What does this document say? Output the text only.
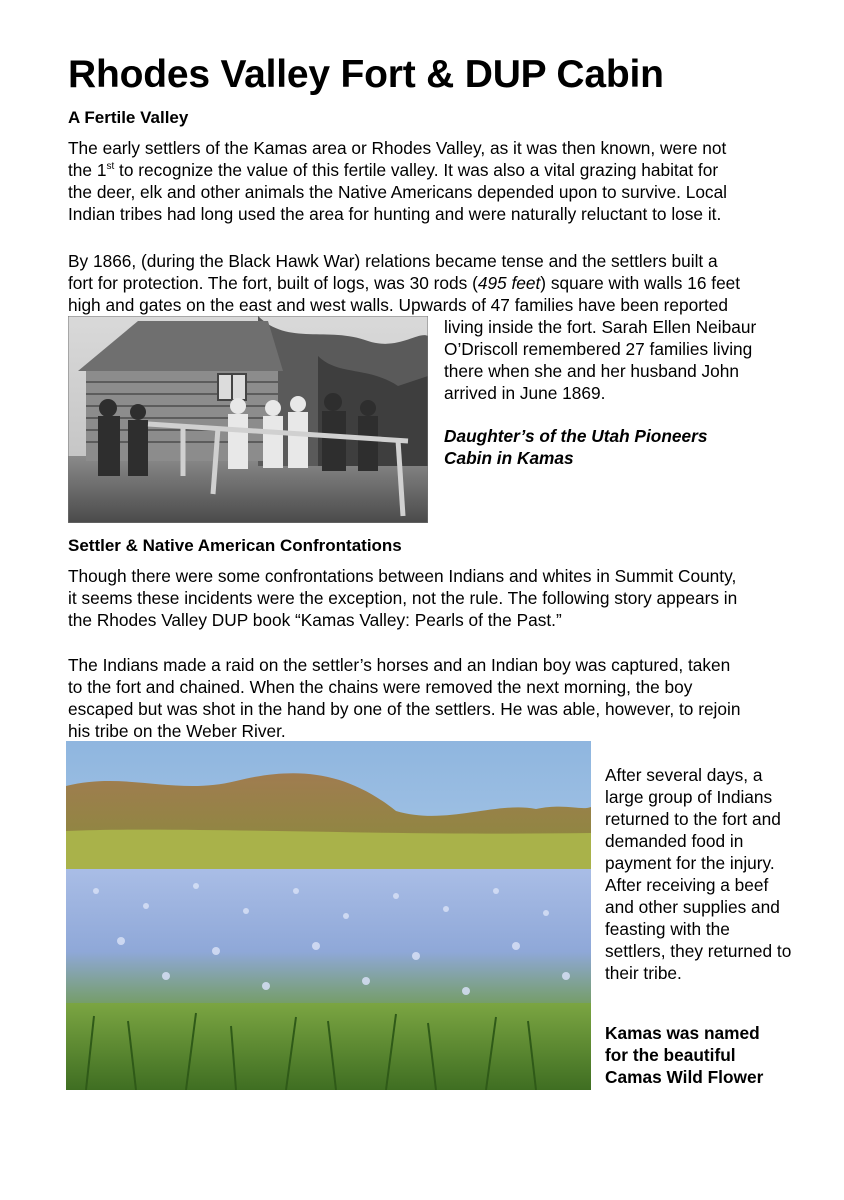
Rhodes Valley Fort & DUP Cabin
A Fertile Valley
The early settlers of the Kamas area or Rhodes Valley, as it was then known, were not
the 1st to recognize the value of this fertile valley. It was also a vital grazing habitat for
the deer, elk and other animals the Native Americans depended upon to survive. Local
Indian tribes had long used the area for hunting and were naturally reluctant to lose it.
By 1866, (during the Black Hawk War) relations became tense and the settlers built a
fort for protection. The fort, built of logs, was 30 rods (495 feet) square with walls 16 feet
high and gates on the east and west walls. Upwards of 47 families have been reported
living inside the fort. Sarah Ellen Neibaur
O’Driscoll remembered 27 families living
there when she and her husband John
arrived in June 1869.
Daughter’s of the Utah Pioneers
Cabin in Kamas
Settler & Native American Confrontations
Though there were some confrontations between Indians and whites in Summit County,
it seems these incidents were the exception, not the rule. The following story appears in
the Rhodes Valley DUP book “Kamas Valley: Pearls of the Past.”
The Indians made a raid on the settler’s horses and an Indian boy was captured, taken
to the fort and chained. When the chains were removed the next morning, the boy
escaped but was shot in the hand by one of the settlers. He was able, however, to rejoin
his tribe on the Weber River.
After several days, a
large group of Indians
returned to the fort and
demanded food in
payment for the injury.
After receiving a beef
and other supplies and
feasting with the
settlers, they returned to
their tribe.
Kamas was named
for the beautiful
Camas Wild Flower
